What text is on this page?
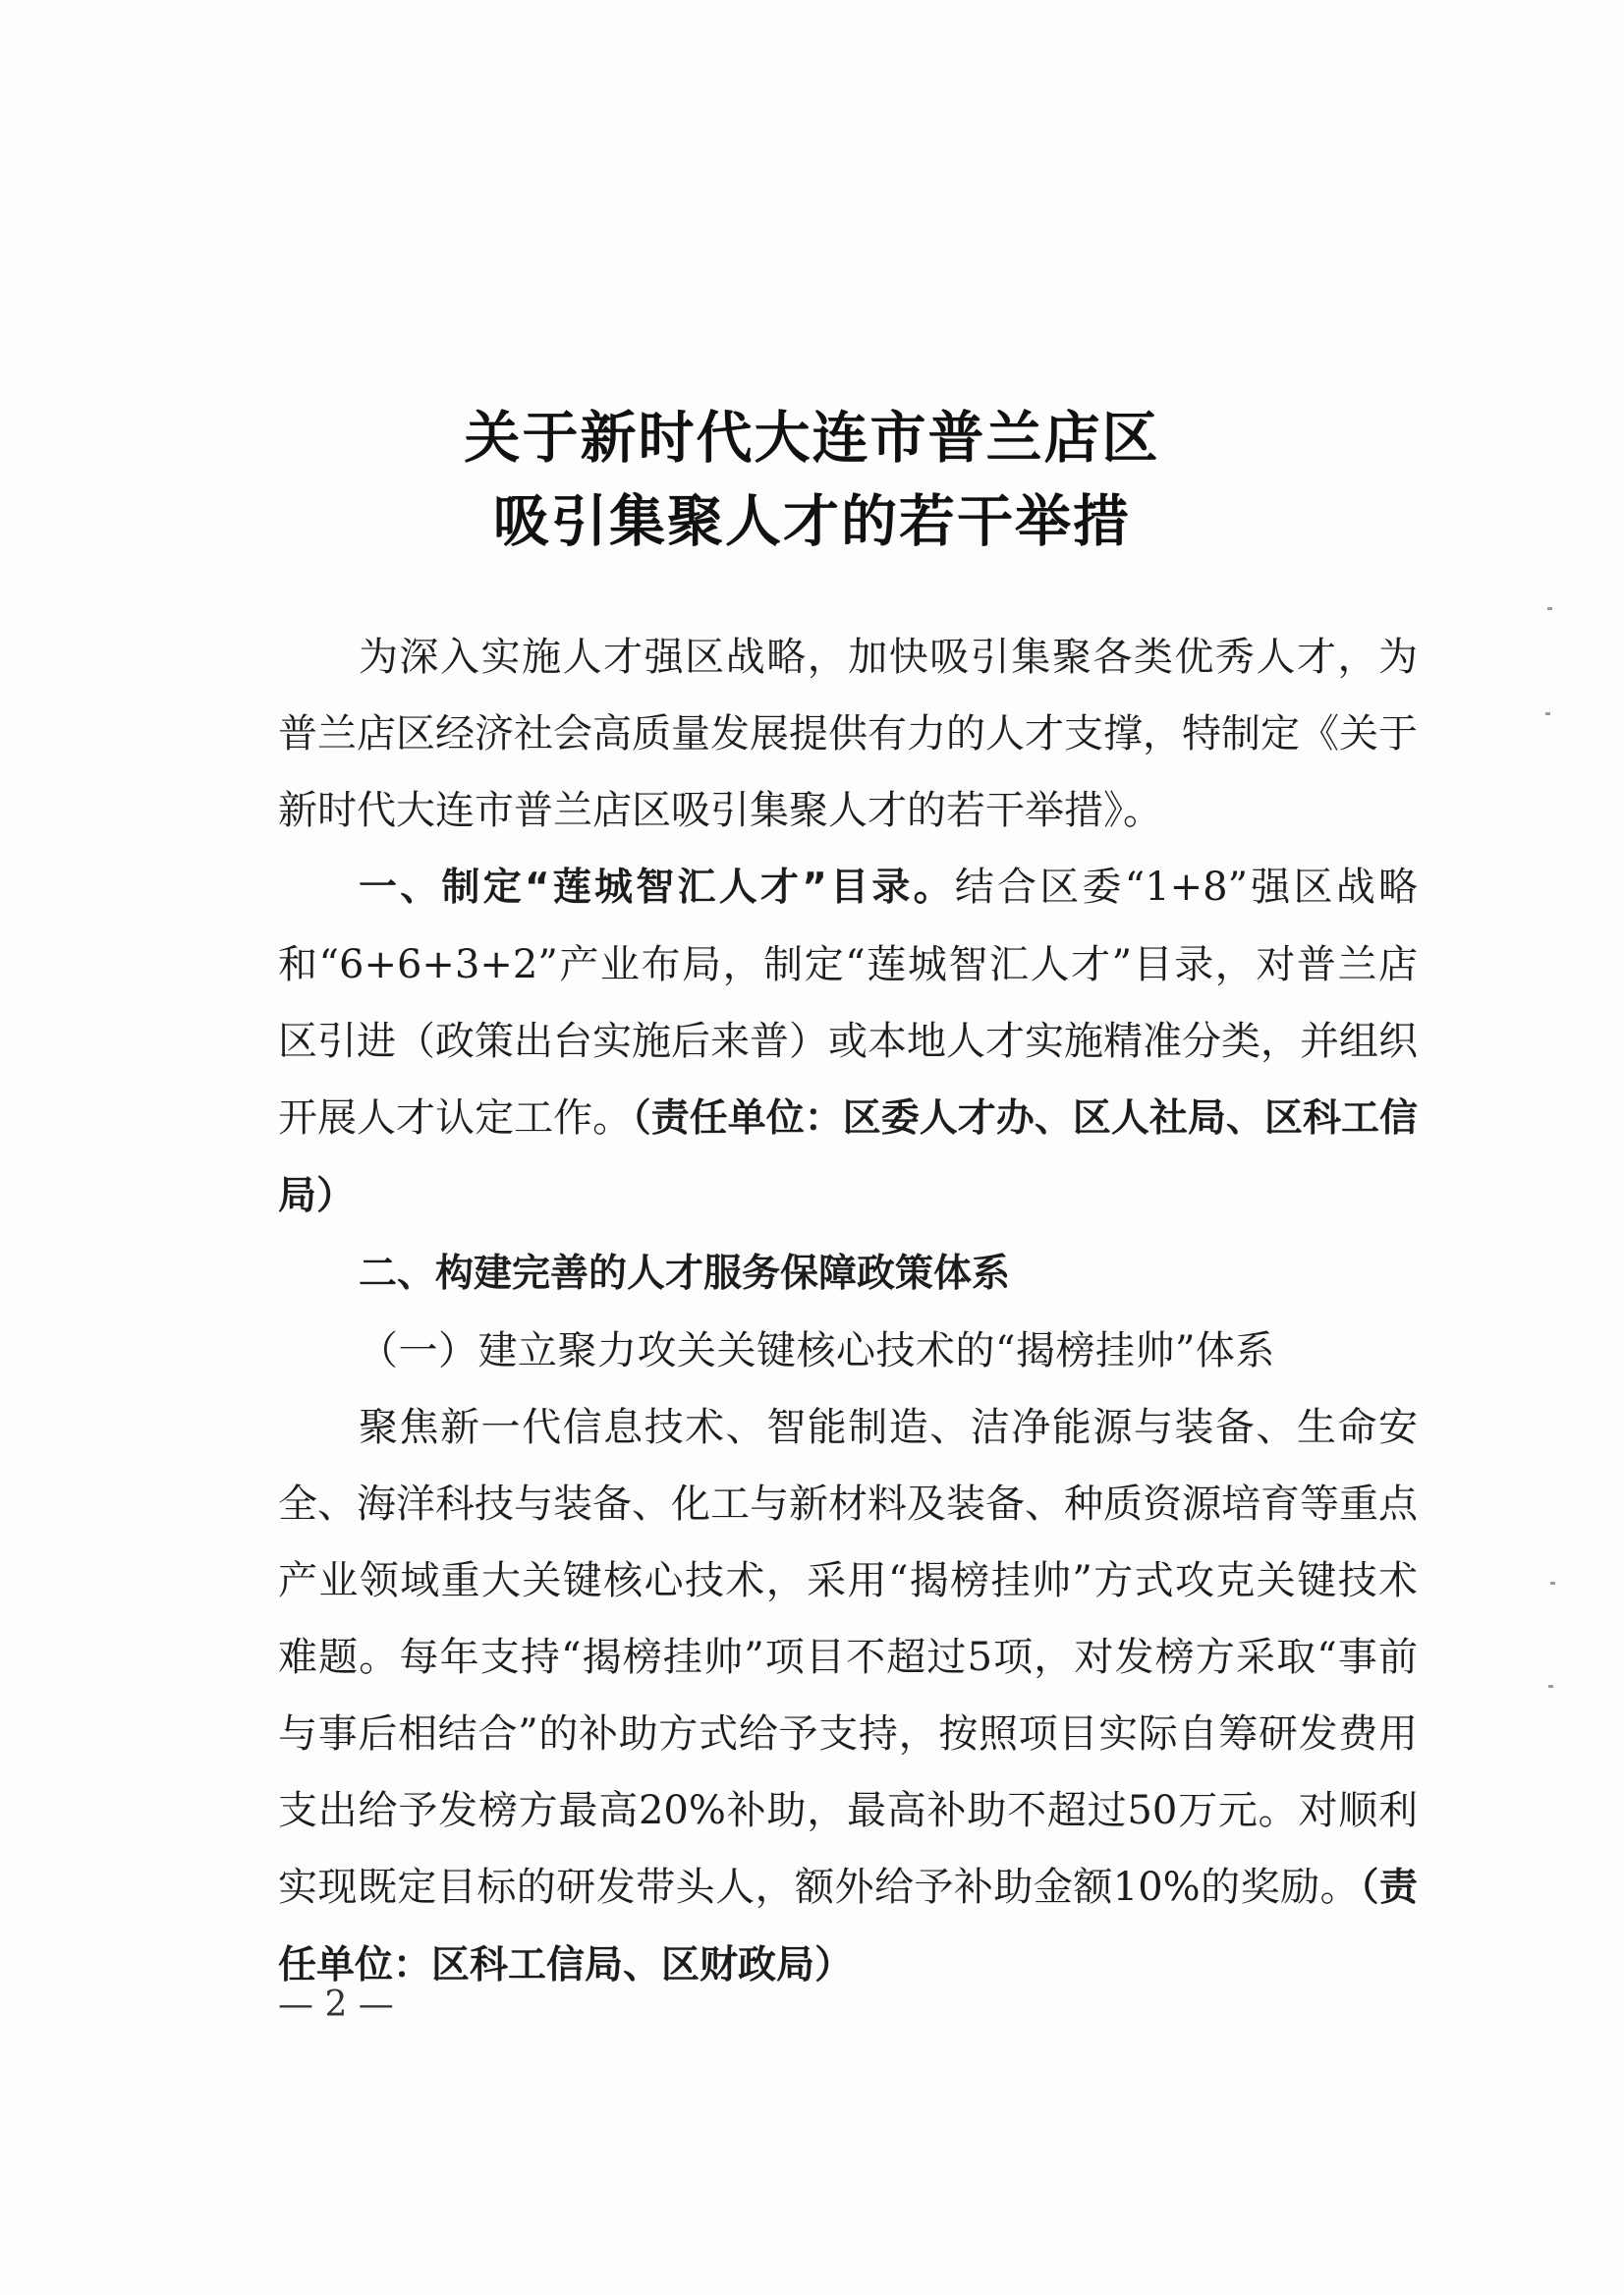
关于新时代大连市普兰店区
吸引集聚人才的若干举措

为深入实施人才强区战略，加快吸引集聚各类优秀人才，为普兰店区经济社会高质量发展提供有力的人才支撑，特制定《关于新时代大连市普兰店区吸引集聚人才的若干举措》。

一、制定“莲城智汇人才”目录。结合区委“1+8”强区战略和“6+6+3+2”产业布局，制定“莲城智汇人才”目录，对普兰店区引进（政策出台实施后来普）或本地人才实施精准分类，并组织开展人才认定工作。（责任单位：区委人才办、区人社局、区科工信局）

二、构建完善的人才服务保障政策体系

（一）建立聚力攻关关键核心技术的“揭榜挂帅”体系

聚焦新一代信息技术、智能制造、洁净能源与装备、生命安全、海洋科技与装备、化工与新材料及装备、种质资源培育等重点产业领域重大关键核心技术，采用“揭榜挂帅”方式攻克关键技术难题。每年支持“揭榜挂帅”项目不超过5项，对发榜方采取“事前与事后相结合”的补助方式给予支持，按照项目实际自筹研发费用支出给予发榜方最高20%补助，最高补助不超过50万元。对顺利实现既定目标的研发带头人，额外给予补助金额10%的奖励。（责任单位：区科工信局、区财政局）

— 2 —
